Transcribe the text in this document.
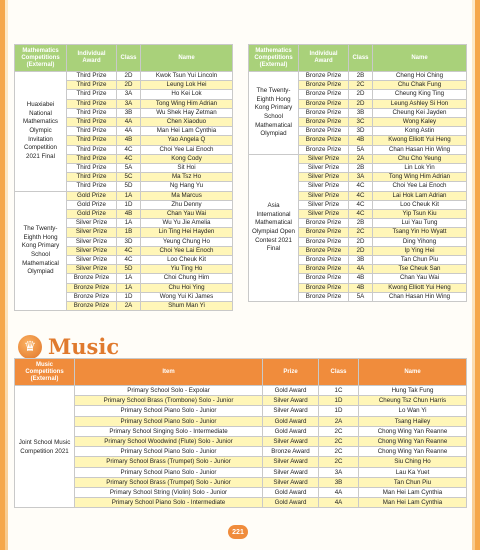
Mathematics Competitions (External)	Individual Award	Class	Name
Huaxiabei National Mathematics Olympic Invitation Competition 2021 Final	Third Prize	2D	Kwok Tsun Yui Lincoln
	Third Prize	2D	Leung Lok Hei
	Third Prize	3A	Ho Kei Lok
	Third Prize	3A	Tong Wing Him Adrian
	Third Prize	3B	Wu Shek Hay Zetman
	Third Prize	4A	Chen Xiaoduo
	Third Prize	4A	Man Hei Lam Cynthia
	Third Prize	4B	Yao Angela Q
	Third Prize	4C	Choi Yee Lai Enoch
	Third Prize	4C	Kong Cody
	Third Prize	5A	Sit Hoi
	Third Prize	5C	Ma Tsz Ho
	Third Prize	5D	Ng Hang Yu
The Twenty-Eighth Hong Kong Primary School Mathematical Olympiad	Gold Prize	1A	Ma Marcus
	Gold Prize	1D	Zhu Denny
	Gold Prize	4B	Chan Yau Wai
	Silver Prize	1A	Wu Yu Jie Amelia
	Silver Prize	1B	Lin Ting Hei Hayden
	Silver Prize	3D	Yeung Chung Ho
	Silver Prize	4C	Choi Yee Lai Enoch
	Silver Prize	4C	Loo Cheuk Kit
	Silver Prize	5D	Yiu Ting Ho
	Bronze Prize	1A	Choi Chung Him
	Bronze Prize	1A	Chu Hoi Ying
	Bronze Prize	1D	Wong Yui Ki James
	Bronze Prize	2A	Shum Man Yi
Mathematics Competitions (External)	Individual Award	Class	Name
The Twenty-Eighth Hong Kong Primary School Mathematical Olympiad	Bronze Prize	2B	Cheng Hoi Ching
	Bronze Prize	2C	Chu Chak Fung
	Bronze Prize	2D	Cheung King Ting
	Bronze Prize	2D	Leung Ashley Si Hon
	Bronze Prize	3B	Cheung Kei Jayden
	Bronze Prize	3C	Wong Kaley
	Bronze Prize	3D	Kong Astin
	Bronze Prize	4B	Kwong Elliott Yui Heng
	Bronze Prize	5A	Chan Hasan Hin Wing
Asia International Mathematical Olympiad Open Contest 2021 Final	Silver Prize	2A	Chu Cho Yeung
	Silver Prize	2B	Lin Lok Yin
	Silver Prize	3A	Tong Wing Him Adrian
	Silver Prize	4C	Choi Yee Lai Enoch
	Silver Prize	4C	Lai Hok Lam Adrian
	Silver Prize	4C	Loo Cheuk Kit
	Silver Prize	4C	Yip Tsun Kiu
	Bronze Prize	2B	Lui Yau Tung
	Bronze Prize	2C	Tsang Yin Ho Wyatt
	Bronze Prize	2D	Ding Yihong
	Bronze Prize	2D	Ip Ying Hei
	Bronze Prize	3B	Tan Chun Piu
	Bronze Prize	4A	Tse Cheuk San
	Bronze Prize	4B	Chan Yau Wai
	Bronze Prize	4B	Kwong Elliott Yui Heng
	Bronze Prize	5A	Chan Hasan Hin Wing
♛ Music
Music Competitions (External)	Item	Prize	Class	Name
Joint School Music Competition 2021	Primary School Solo - Expolar	Gold Award	1C	Hung Tak Fung
	Primary School Brass (Trombone) Solo - Junior	Silver Award	1D	Cheung Tsz Chun Harris
	Primary School Piano Solo - Junior	Silver Award	1D	Lo Wan Yi
	Primary School Piano Solo - Junior	Gold Award	2A	Tsang Hailey
	Primary School Singing Solo - Intermediate	Gold Award	2C	Chong Wing Yan Reanne
	Primary School Woodwind (Flute) Solo - Junior	Silver Award	2C	Chong Wing Yan Reanne
	Primary School Piano Solo - Junior	Bronze Award	2C	Chong Wing Yan Reanne
	Primary School Brass (Trumpet) Solo - Junior	Silver Award	2C	Siu Ching Ho
	Primary School Piano Solo - Junior	Silver Award	3A	Lau Ka Yuet
	Primary School Brass (Trumpet) Solo - Junior	Silver Award	3B	Tan Chun Piu
	Primary School String (Violin) Solo - Junior	Gold Award	4A	Man Hei Lam Cynthia
	Primary School Piano Solo - Intermediate	Gold Award	4A	Man Hei Lam Cynthia
221
